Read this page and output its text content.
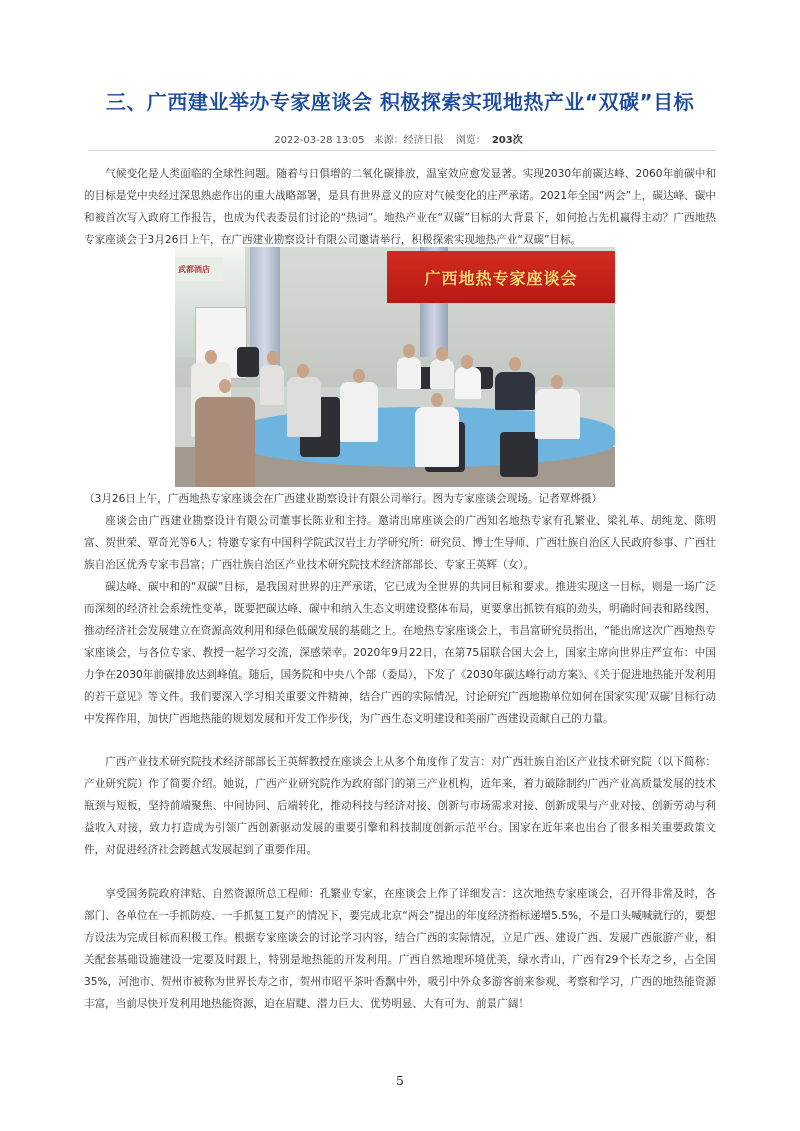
三、广西建业举办专家座谈会 积极探索实现地热产业“双碳”目标
2022-03-28 13:05 来源：经济日报 浏览： 203次

气候变化是人类面临的全球性问题。随着与日俱增的二氧化碳排放，温室效应愈发显著。实现2030年前碳达峰、2060年前碳中和的目标是党中央经过深思熟虑作出的重大战略部署，是具有世界意义的应对气候变化的庄严承诺。2021年全国“两会”上，碳达峰、碳中和被首次写入政府工作报告，也成为代表委员们讨论的“热词”。地热产业在“双碳”目标的大背景下，如何抢占先机赢得主动？广西地热专家座谈会于3月26日上午，在广西建业勘察设计有限公司邀请举行，积极探索实现地热产业“双碳”目标。

武都酒店	广西地热专家座谈会
（3月26日上午，广西地热专家座谈会在广西建业勘察设计有限公司举行。图为专家座谈会现场。记者覃烨摄）

座谈会由广西建业勘察设计有限公司董事长陈业和主持。邀请出席座谈会的广西知名地热专家有孔繁业、梁礼革、胡纯龙、陈明富、贺世荣、覃奇光等6人；特邀专家有中国科学院武汉岩土力学研究所：研究员、博士生导师、广西壮族自治区人民政府参事、广西壮族自治区优秀专家韦昌富；广西壮族自治区产业技术研究院技术经济部部长、专家王英辉（女）。

碳达峰、碳中和的“双碳”目标，是我国对世界的庄严承诺，它已成为全世界的共同目标和要求。推进实现这一目标，则是一场广泛而深刻的经济社会系统性变革，既要把碳达峰、碳中和纳入生态文明建设整体布局，更要拿出抓铁有痕的劲头，明确时间表和路线图，推动经济社会发展建立在资源高效利用和绿色低碳发展的基础之上。在地热专家座谈会上，韦昌富研究员指出，“能出席这次广西地热专家座谈会，与各位专家、教授一起学习交流，深感荣幸。2020年9月22日，在第75届联合国大会上，国家主席向世界庄严宣布：中国力争在2030年前碳排放达到峰值。随后，国务院和中央八个部（委局），下发了《2030年碳达峰行动方案》、《关于促进地热能开发利用的若干意见》等文件。我们要深入学习相关重要文件精神，结合广西的实际情况，讨论研究广西地勘单位如何在国家实现‘双碳’目标行动中发挥作用，加快广西地热能的规划发展和开发工作步伐，为广西生态文明建设和美丽广西建设贡献自己的力量。

广西产业技术研究院技术经济部部长王英辉教授在座谈会上从多个角度作了发言：对广西壮族自治区产业技术研究院（以下简称：产业研究院）作了简要介绍。她说，广西产业研究院作为政府部门的第三产业机构，近年来，着力破除制约广西产业高质量发展的技术瓶颈与短板，坚持前端聚焦、中间协同、后端转化，推动科技与经济对接、创新与市场需求对接、创新成果与产业对接、创新劳动与利益收入对接，致力打造成为引领广西创新驱动发展的重要引擎和科技制度创新示范平台。国家在近年来也出台了很多相关重要政策文件，对促进经济社会跨越式发展起到了重要作用。

享受国务院政府津贴、自然资源所总工程师：孔繁业专家，在座谈会上作了详细发言：这次地热专家座谈会，召开得非常及时，各部门、各单位在一手抓防疫、一手抓复工复产的情况下，要完成北京“两会”提出的年度经济指标递增5.5%，不是口头喊喊就行的，要想方设法为完成目标而积极工作。根据专家座谈会的讨论学习内容，结合广西的实际情况，立足广西、建设广西、发展广西旅游产业，相关配套基础设施建设一定要及时跟上，特别是地热能的开发利用。广西自然地理环境优美，绿水青山，广西有29个长寿之乡，占全国35%，河池市、贺州市被称为世界长寿之市，贺州市昭平茶叶香飘中外，吸引中外众多游客前来参观、考察和学习，广西的地热能资源丰富，当前尽快开发利用地热能资源，迫在眉睫、潜力巨大、优势明显、大有可为、前景广阔！

5
